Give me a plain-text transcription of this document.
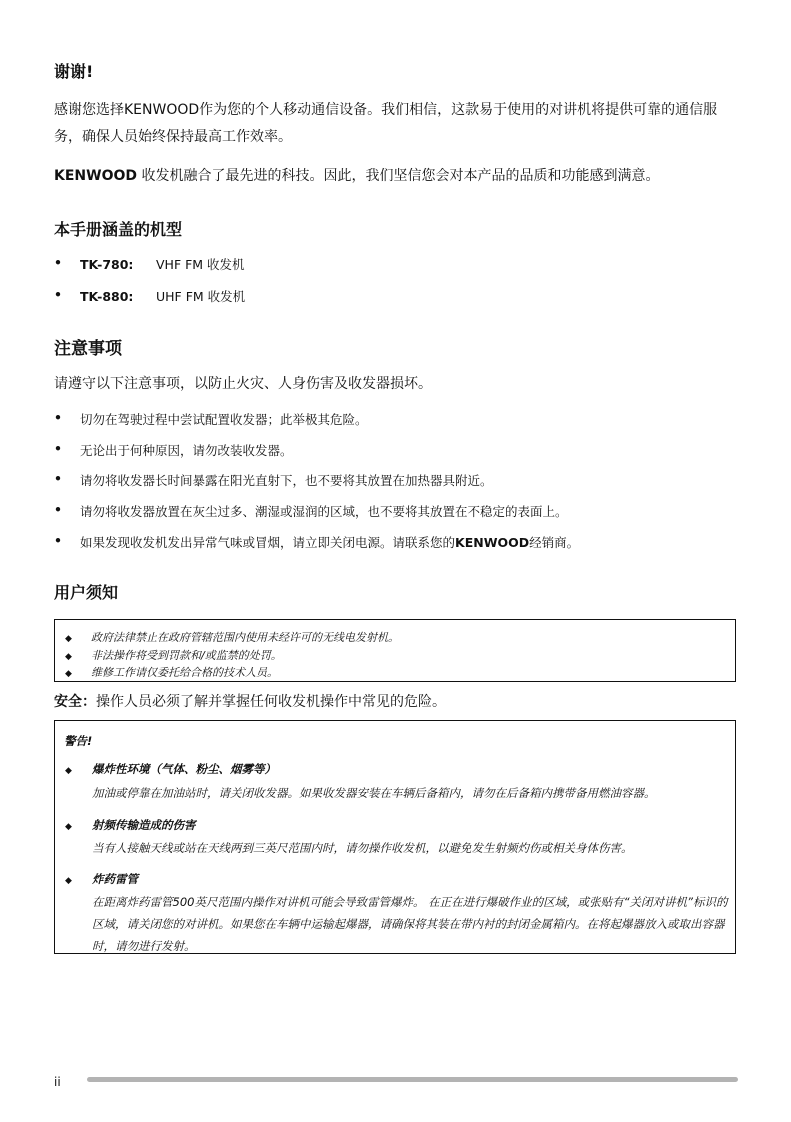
谢谢!
感谢您选择KENWOOD作为您的个人移动通信设备。我们相信，这款易于使用的对讲机将提供可靠的通信服务，确保人员始终保持最高工作效率。
KENWOOD 收发机融合了最先进的科技。因此，我们坚信您会对本产品的品质和功能感到满意。
本手册涵盖的机型
• TK-780: VHF FM 收发机
• TK-880: UHF FM 收发机
注意事项
请遵守以下注意事项，以防止火灾、人身伤害及收发器损坏。
• 切勿在驾驶过程中尝试配置收发器；此举极其危险。
• 无论出于何种原因，请勿改装收发器。
• 请勿将收发器长时间暴露在阳光直射下，也不要将其放置在加热器具附近。
• 请勿将收发器放置在灰尘过多、潮湿或湿润的区域，也不要将其放置在不稳定的表面上。
• 如果发现收发机发出异常气味或冒烟，请立即关闭电源。请联系您的KENWOOD经销商。
用户须知
◆ 政府法律禁止在政府管辖范围内使用未经许可的无线电发射机。
◆ 非法操作将受到罚款和/或监禁的处罚。
◆ 维修工作请仅委托给合格的技术人员。
安全：操作人员必须了解并掌握任何收发机操作中常见的危险。
警告!
◆ 爆炸性环境（气体、粉尘、烟雾等）
加油或停靠在加油站时，请关闭收发器。如果收发器安装在车辆后备箱内，请勿在后备箱内携带备用燃油容器。
◆ 射频传输造成的伤害
当有人接触天线或站在天线两到三英尺范围内时，请勿操作收发机，以避免发生射频灼伤或相关身体伤害。
◆ 炸药雷管
在距离炸药雷管500英尺范围内操作对讲机可能会导致雷管爆炸。 在正在进行爆破作业的区域，或张贴有“关闭对讲机”标识的区域，请关闭您的对讲机。如果您在车辆中运输起爆器，请确保将其装在带内衬的封闭金属箱内。在将起爆器放入或取出容器时，请勿进行发射。
ii
